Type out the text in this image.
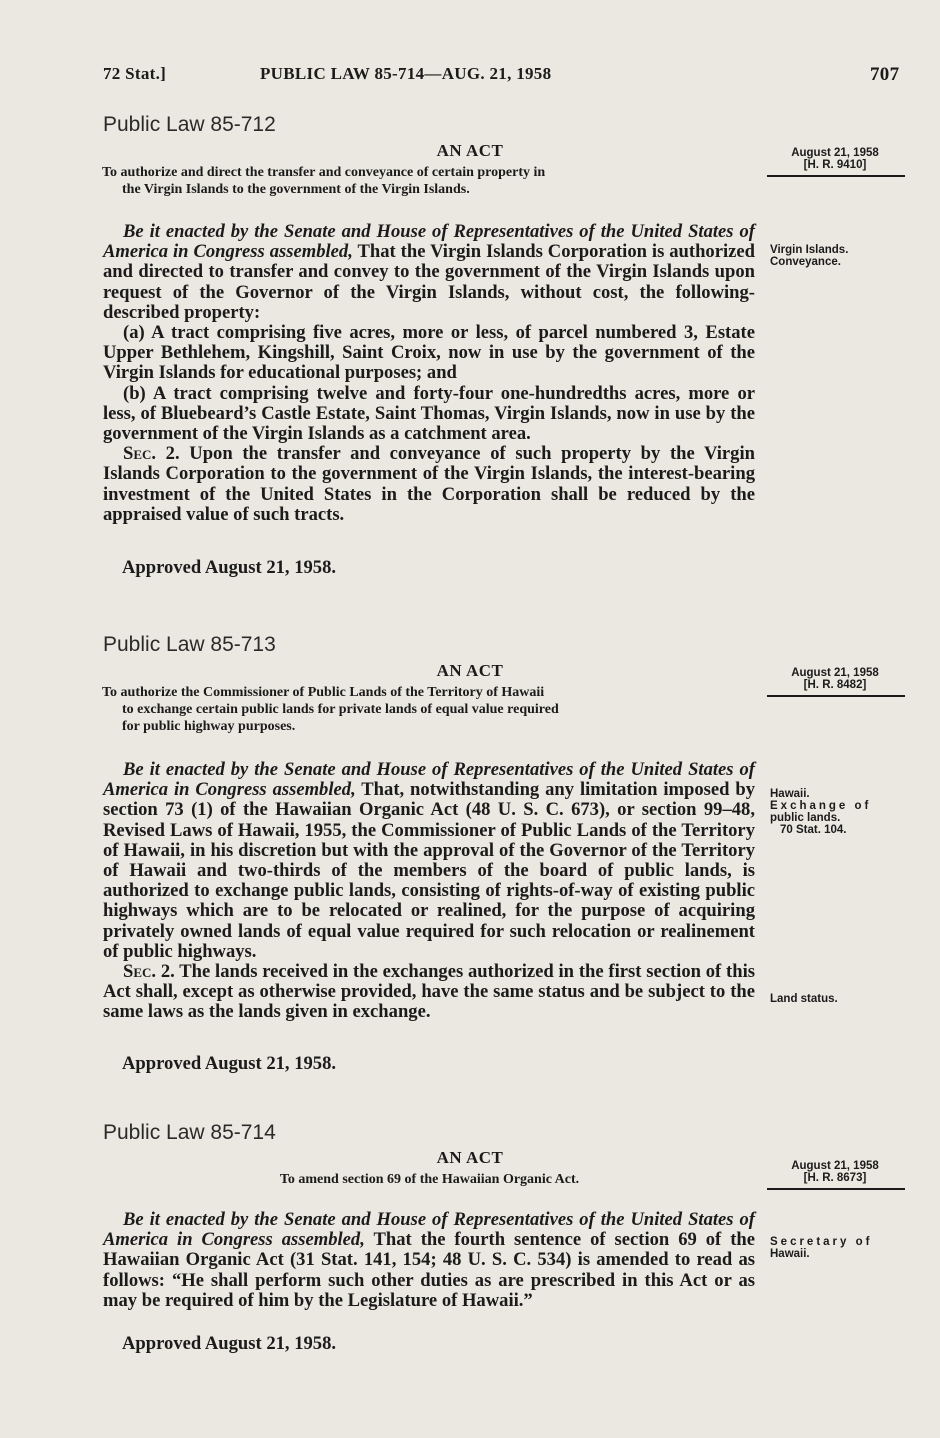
72 Stat.]	PUBLIC LAW 85-714—AUG. 21, 1958	707
Public Law 85-712
AN ACT
To authorize and direct the transfer and conveyance of certain property in
the Virgin Islands to the government of the Virgin Islands.

Be it enacted by the Senate and House of Representatives of the United States of America in Congress assembled, That the Virgin Islands Corporation is authorized and directed to transfer and convey to the government of the Virgin Islands upon request of the Governor of the Virgin Islands, without cost, the following-described property:

(a) A tract comprising five acres, more or less, of parcel numbered 3, Estate Upper Bethlehem, Kingshill, Saint Croix, now in use by the government of the Virgin Islands for educational purposes; and

(b) A tract comprising twelve and forty-four one-hundredths acres, more or less, of Bluebeard’s Castle Estate, Saint Thomas, Virgin Islands, now in use by the government of the Virgin Islands as a catchment area.

Sec. 2. Upon the transfer and conveyance of such property by the Virgin Islands Corporation to the government of the Virgin Islands, the interest-bearing investment of the United States in the Corporation shall be reduced by the appraised value of such tracts.

Approved August 21, 1958.
August 21, 1958
[H. R. 9410]
Virgin Islands.
Conveyance.
Public Law 85-713
AN ACT
To authorize the Commissioner of Public Lands of the Territory of Hawaii
to exchange certain public lands for private lands of equal value required
for public highway purposes.

Be it enacted by the Senate and House of Representatives of the United States of America in Congress assembled, That, notwithstanding any limitation imposed by section 73 (1) of the Hawaiian Organic Act (48 U. S. C. 673), or section 99–48, Revised Laws of Hawaii, 1955, the Commissioner of Public Lands of the Territory of Hawaii, in his discretion but with the approval of the Governor of the Territory of Hawaii and two-thirds of the members of the board of public lands, is authorized to exchange public lands, consisting of rights-of-way of existing public highways which are to be relocated or realined, for the purpose of acquiring privately owned lands of equal value required for such relocation or realinement of public highways.

Sec. 2. The lands received in the exchanges authorized in the first section of this Act shall, except as otherwise provided, have the same status and be subject to the same laws as the lands given in exchange.

Approved August 21, 1958.
August 21, 1958
[H. R. 8482]
Hawaii.
Exchange of
public lands.
70 Stat. 104.
Land status.
Public Law 85-714
AN ACT
To amend section 69 of the Hawaiian Organic Act.

Be it enacted by the Senate and House of Representatives of the United States of America in Congress assembled, That the fourth sentence of section 69 of the Hawaiian Organic Act (31 Stat. 141, 154; 48 U. S. C. 534) is amended to read as follows: “He shall perform such other duties as are prescribed in this Act or as may be required of him by the Legislature of Hawaii.”

Approved August 21, 1958.
August 21, 1958
[H. R. 8673]
Secretary of
Hawaii.
